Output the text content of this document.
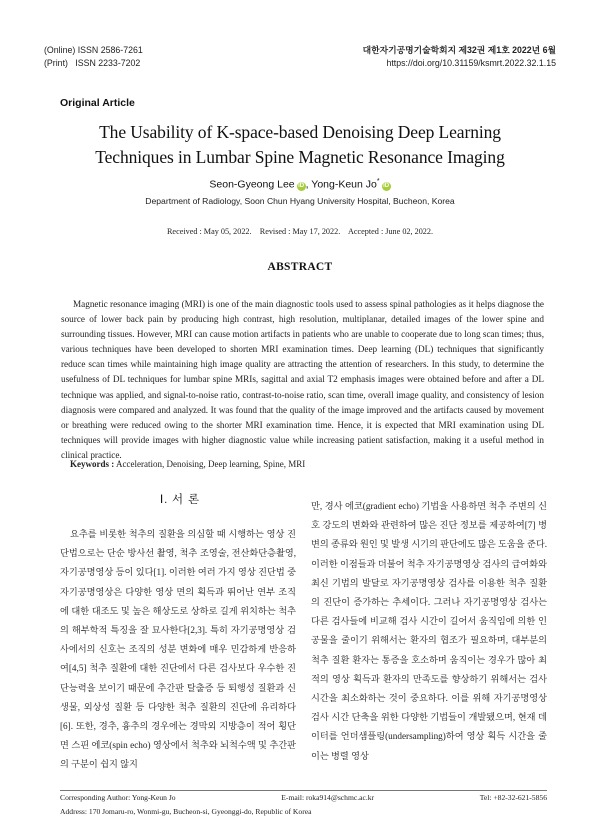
(Online) ISSN 2586-7261
(Print)   ISSN 2233-7202
대한자기공명기술학회지 제32권 제1호 2022년 6월
https://doi.org/10.31159/ksmrt.2022.32.1.15
Original Article
The Usability of K-space-based Denoising Deep Learning
Techniques in Lumbar Spine Magnetic Resonance Imaging
Seon-Gyeong Lee iD , Yong-Keun Jo*iD
Department of Radiology, Soon Chun Hyang University Hospital, Bucheon, Korea
Received : May 05, 2022.    Revised : May 17, 2022.    Accepted : June 02, 2022.
ABSTRACT
Magnetic resonance imaging (MRI) is one of the main diagnostic tools used to assess spinal pathologies as it helps diagnose the source of lower back pain by producing high contrast, high resolution, multiplanar, detailed images of the lower spine and surrounding tissues. However, MRI can cause motion artifacts in patients who are unable to cooperate due to long scan times; thus, various techniques have been developed to shorten MRI examination times. Deep learning (DL) techniques that significantly reduce scan times while maintaining high image quality are attracting the attention of researchers. In this study, to determine the usefulness of DL techniques for lumbar spine MRIs, sagittal and axial T2 emphasis images were obtained before and after a DL technique was applied, and signal-to-noise ratio, contrast-to-noise ratio, scan time, overall image quality, and consistency of lesion diagnosis were compared and analyzed. It was found that the quality of the image improved and the artifacts caused by movement or breathing were reduced owing to the shorter MRI examination time. Hence, it is expected that MRI examination using DL techniques will provide images with higher diagnostic value while increasing patient satisfaction, making it a useful method in clinical practice.
Keywords : Acceleration, Denoising, Deep learning, Spine, MRI
Ⅰ. 서 론

요추를 비롯한 척추의 질환을 의심할 때 시행하는 영상 진단법으로는 단순 방사선 촬영, 척추 조영술, 전산화단층촬영, 자기공명영상 등이 있다[1]. 이러한 여러 가지 영상 진단법 중 자기공명영상은 다양한 영상 면의 획득과 뛰어난 연부 조직에 대한 대조도 및 높은 해상도로 상하로 길게 위치하는 척추의 해부학적 특징을 잘 묘사한다[2,3]. 특히 자기공명영상 검사에서의 신호는 조직의 성분 변화에 매우 민감하게 반응하여[4,5] 척추 질환에 대한 진단에서 다른 검사보다 우수한 진단능력을 보이기 때문에 추간판 탈출증 등 퇴행성 질환과 신생물, 외상성 질환 등 다양한 척추 질환의 진단에 유리하다[6]. 또한, 경추, 흉추의 경우에는 경막외 지방층이 적어 횡단면 스핀 에코(spin echo) 영상에서 척추와 뇌척수액 및 추간판의 구분이 쉽지 않지

만, 경사 에코(gradient echo) 기법을 사용하면 척추 주변의 신호 강도의 변화와 관련하여 많은 진단 정보를 제공하여[7] 병변의 종류와 원인 및 발생 시기의 판단에도 많은 도움을 준다. 이러한 이점들과 더불어 척추 자기공명영상 검사의 급여화와 최신 기법의 발달로 자기공명영상 검사를 이용한 척추 질환의 진단이 증가하는 추세이다. 그러나 자기공명영상 검사는 다른 검사들에 비교해 검사 시간이 길어서 움직임에 의한 인공물을 줄이기 위해서는 환자의 협조가 필요하며, 대부분의 척추 질환 환자는 통증을 호소하며 움직이는 경우가 많아 최적의 영상 획득과 환자의 만족도를 향상하기 위해서는 검사 시간을 최소화하는 것이 중요하다. 이를 위해 자기공명영상 검사 시간 단축을 위한 다양한 기법들이 개발됐으며, 현재 데이터를 언더샘플링(undersampling)하여 영상 획득 시간을 줄이는 병렬 영상

Corresponding Author: Yong-Keun Jo	E-mail: roka914@schmc.ac.kr	Tel: +82-32-621-5856
Address: 170 Jomaru-ro, Wonmi-gu, Bucheon-si, Gyeonggi-do, Republic of Korea
